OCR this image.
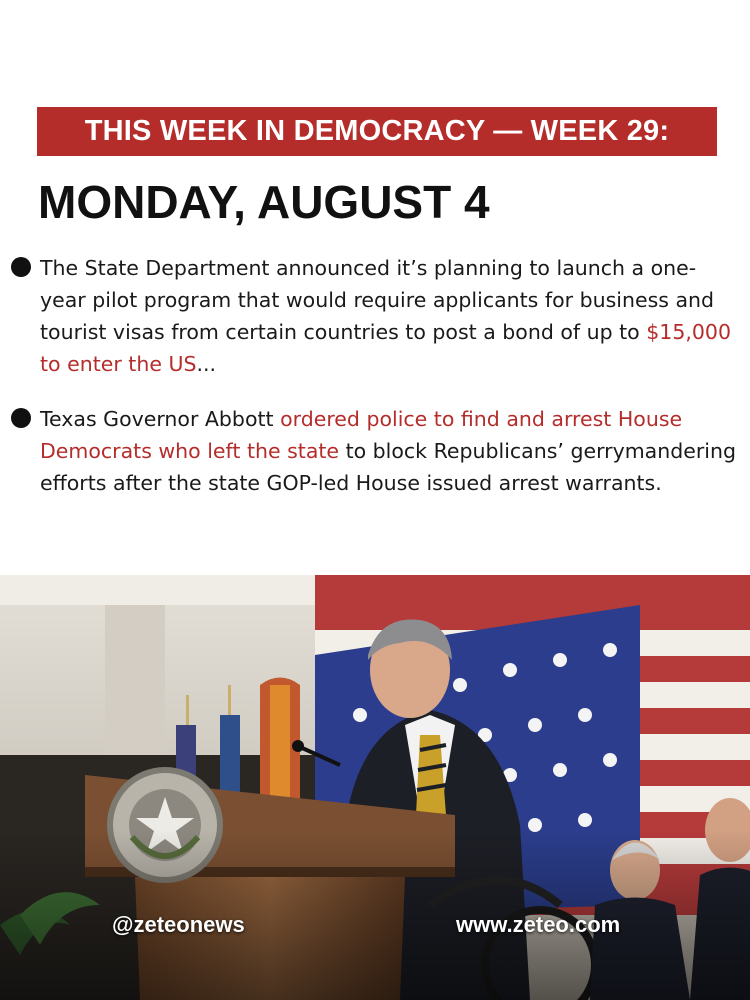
THIS WEEK IN DEMOCRACY — WEEK 29:
MONDAY, AUGUST 4
The State Department announced it’s planning to launch a one-year pilot program that would require applicants for business and tourist visas from certain countries to post a bond of up to $15,000 to enter the US...
Texas Governor Abbott ordered police to find and arrest House Democrats who left the state to block Republicans’ gerrymandering efforts after the state GOP-led House issued arrest warrants.
@zeteonews	www.zeteo.com
